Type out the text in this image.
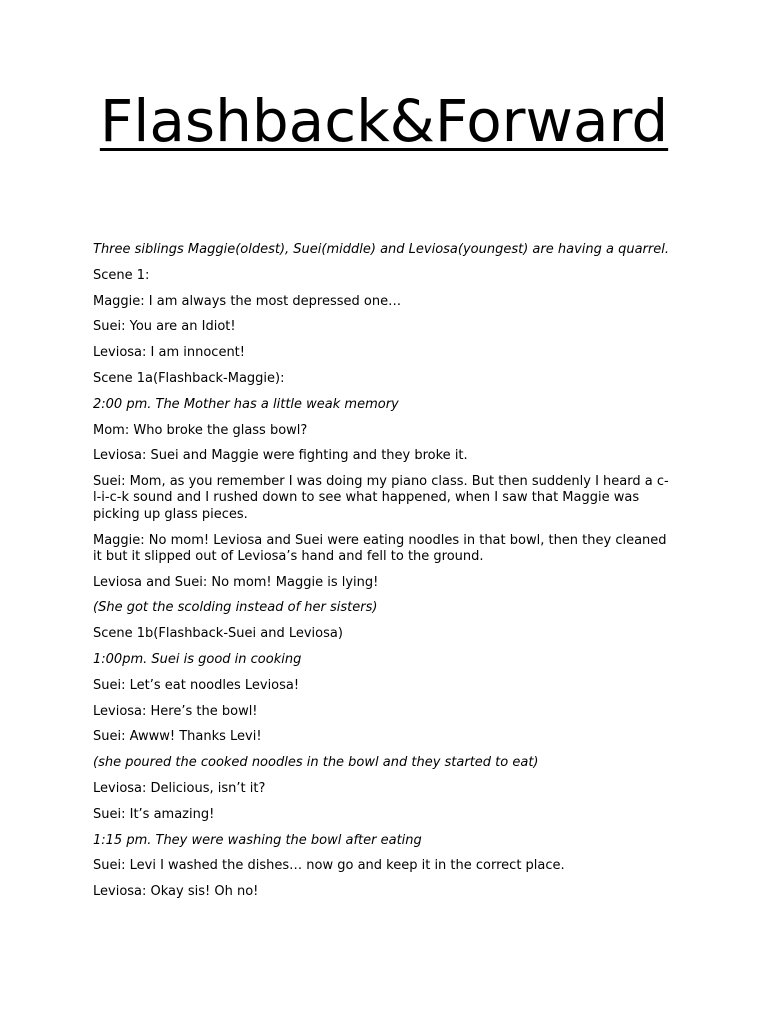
Flashback&Forward

Three siblings Maggie(oldest), Suei(middle) and Leviosa(youngest) are having a quarrel.

Scene 1:

Maggie: I am always the most depressed one…

Suei: You are an Idiot!

Leviosa: I am innocent!

Scene 1a(Flashback-Maggie):

2:00 pm. The Mother has a little weak memory

Mom: Who broke the glass bowl?

Leviosa: Suei and Maggie were fighting and they broke it.

Suei: Mom, as you remember I was doing my piano class. But then suddenly I heard a c-l-i-c-k sound and I rushed down to see what happened, when I saw that Maggie was picking up glass pieces.

Maggie: No mom! Leviosa and Suei were eating noodles in that bowl, then they cleaned it but it slipped out of Leviosa’s hand and fell to the ground.

Leviosa and Suei: No mom! Maggie is lying!

(She got the scolding instead of her sisters)

Scene 1b(Flashback-Suei and Leviosa)

1:00pm. Suei is good in cooking

Suei: Let’s eat noodles Leviosa!

Leviosa: Here’s the bowl!

Suei: Awww! Thanks Levi!

(she poured the cooked noodles in the bowl and they started to eat)

Leviosa: Delicious, isn’t it?

Suei: It’s amazing!

1:15 pm. They were washing the bowl after eating

Suei: Levi I washed the dishes… now go and keep it in the correct place.

Leviosa: Okay sis! Oh no!
